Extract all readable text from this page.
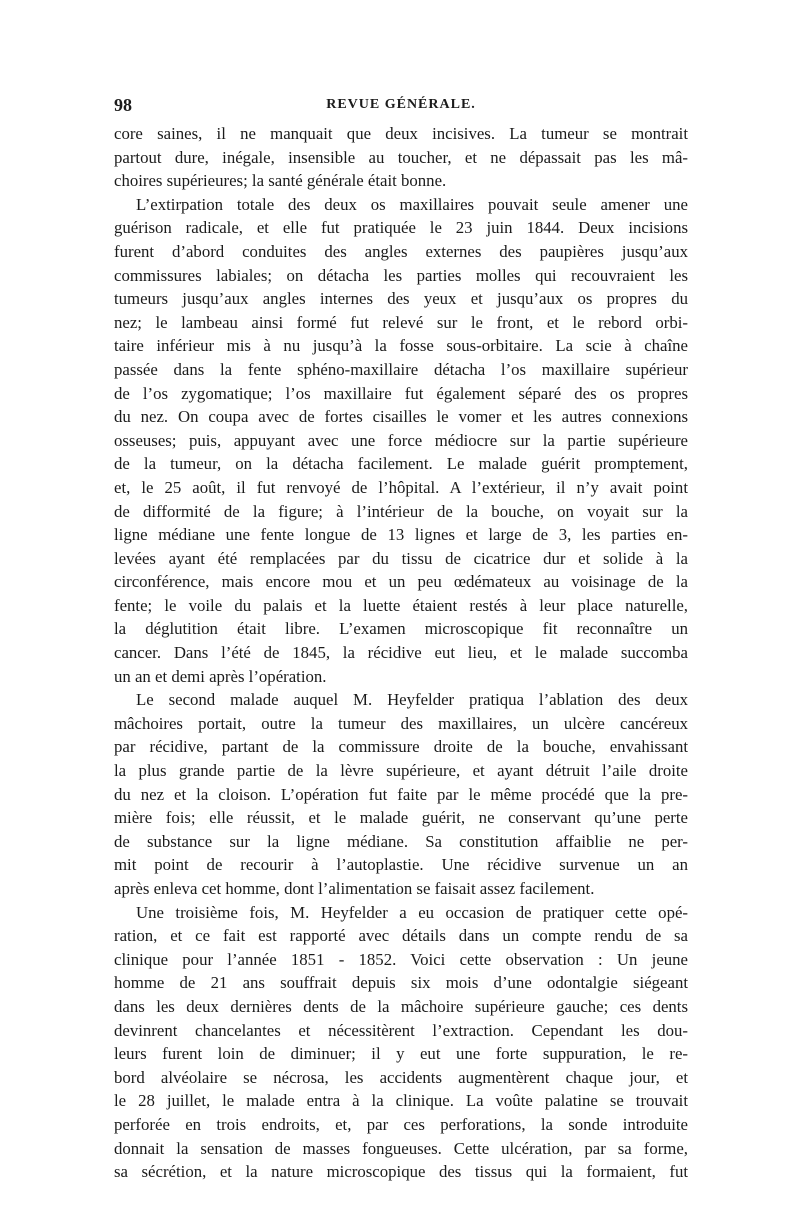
98	REVUE GÉNÉRALE.
core saines, il ne manquait que deux incisives. La tumeur se montrait
partout dure, inégale, insensible au toucher, et ne dépassait pas les mâ-
choires supérieures; la santé générale était bonne.
L’extirpation totale des deux os maxillaires pouvait seule amener une
guérison radicale, et elle fut pratiquée le 23 juin 1844. Deux incisions
furent d’abord conduites des angles externes des paupières jusqu’aux
commissures labiales; on détacha les parties molles qui recouvraient les
tumeurs jusqu’aux angles internes des yeux et jusqu’aux os propres du
nez; le lambeau ainsi formé fut relevé sur le front, et le rebord orbi-
taire inférieur mis à nu jusqu’à la fosse sous-orbitaire. La scie à chaîne
passée dans la fente sphéno-maxillaire détacha l’os maxillaire supérieur
de l’os zygomatique; l’os maxillaire fut également séparé des os propres
du nez. On coupa avec de fortes cisailles le vomer et les autres connexions
osseuses; puis, appuyant avec une force médiocre sur la partie supérieure
de la tumeur, on la détacha facilement. Le malade guérit promptement,
et, le 25 août, il fut renvoyé de l’hôpital. A l’extérieur, il n’y avait point
de difformité de la figure; à l’intérieur de la bouche, on voyait sur la
ligne médiane une fente longue de 13 lignes et large de 3, les parties en-
levées ayant été remplacées par du tissu de cicatrice dur et solide à la
circonférence, mais encore mou et un peu œdémateux au voisinage de la
fente; le voile du palais et la luette étaient restés à leur place naturelle,
la déglutition était libre. L’examen microscopique fit reconnaître un
cancer. Dans l’été de 1845, la récidive eut lieu, et le malade succomba
un an et demi après l’opération.
Le second malade auquel M. Heyfelder pratiqua l’ablation des deux
mâchoires portait, outre la tumeur des maxillaires, un ulcère cancéreux
par récidive, partant de la commissure droite de la bouche, envahissant
la plus grande partie de la lèvre supérieure, et ayant détruit l’aile droite
du nez et la cloison. L’opération fut faite par le même procédé que la pre-
mière fois; elle réussit, et le malade guérit, ne conservant qu’une perte
de substance sur la ligne médiane. Sa constitution affaiblie ne per-
mit point de recourir à l’autoplastie. Une récidive survenue un an
après enleva cet homme, dont l’alimentation se faisait assez facilement.
Une troisième fois, M. Heyfelder a eu occasion de pratiquer cette opé-
ration, et ce fait est rapporté avec détails dans un compte rendu de sa
clinique pour l’année 1851 - 1852. Voici cette observation : Un jeune
homme de 21 ans souffrait depuis six mois d’une odontalgie siégeant
dans les deux dernières dents de la mâchoire supérieure gauche; ces dents
devinrent chancelantes et nécessitèrent l’extraction. Cependant les dou-
leurs furent loin de diminuer; il y eut une forte suppuration, le re-
bord alvéolaire se nécrosa, les accidents augmentèrent chaque jour, et
le 28 juillet, le malade entra à la clinique. La voûte palatine se trouvait
perforée en trois endroits, et, par ces perforations, la sonde introduite
donnait la sensation de masses fongueuses. Cette ulcération, par sa forme,
sa sécrétion, et la nature microscopique des tissus qui la formaient, fut
